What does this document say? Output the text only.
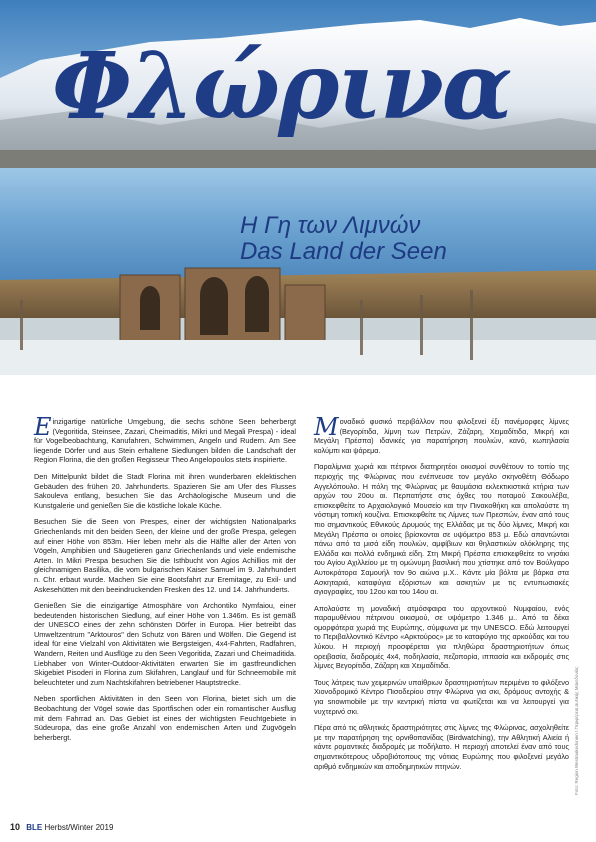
Φλώρινα
Η Γη των Λιμνών
Das Land der Seen

Einzigartige natürliche Umgebung, die sechs schöne Seen beherbergt (Vegoritida, Steinsee, Zazari, Cheimaditis, Mikri und Megali Prespa) - ideal für Vogelbeobachtung, Kanufahren, Schwimmen, Angeln und Rudern. Am See liegende Dörfer und aus Stein erhaltene Siedlungen bilden die Landschaft der Region Florina, die den großen Regisseur Theo Angelopoulos stets inspirierte.

Den Mittelpunkt bildet die Stadt Florina mit ihren wunderbaren eklektischen Gebäuden des frühen 20. Jahrhunderts. Spazieren Sie am Ufer des Flusses Sakouleva entlang, besuchen Sie das Archäologische Museum und die Kunstgalerie und genießen Sie die köstliche lokale Küche.

Besuchen Sie die Seen von Prespes, einer der wichtigsten Nationalparks Griechenlands mit den beiden Seen, der kleine und der große Prespa, gelegen auf einer Höhe von 853m. Hier leben mehr als die Hälfte aller der Arten von Vögeln, Amphibien und Säugetieren ganz Griechenlands und viele endemische Arten. In Mikri Prespa besuchen Sie die Isthbucht von Agios Achillios mit der gleichnamigen Basilika, die vom bulgarischen Kaiser Samuel im 9. Jahrhundert n. Chr. erbaut wurde. Machen Sie eine Bootsfahrt zur Eremitage, zu Exil- und Askesehütten mit den beeindruckenden Fresken des 12. und 14. Jahrhunderts.

Genießen Sie die einzigartige Atmosphäre von Archontiko Nymfaiou, einer bedeutenden historischen Siedlung, auf einer Höhe von 1.346m. Es ist gemäß der UNESCO eines der zehn schönsten Dörfer in Europa. Hier betreibt das Umweltzentrum "Arktouros" den Schutz von Bären und Wölfen. Die Gegend ist ideal für eine Vielzahl von Aktivitäten wie Bergsteigen, 4x4-Fahrten, Radfahren, Wandern, Reiten und Ausflüge zu den Seen Vegoritida, Zazari und Cheimaditida. Liebhaber von Winter-Outdoor-Aktivitäten erwarten Sie im gastfreundlichen Skigebiet Pisoderi in Florina zum Skifahren, Langlauf und für Schneemobile mit beleuchteter und zum Nachtskifahren betriebener Hauptstrecke.

Neben sportlichen Aktivitäten in den Seen von Florina, bietet sich um die Beobachtung der Vögel sowie das Sportfischen oder ein romantischer Ausflug mit dem Fahrrad an. Das Gebiet ist eines der wichtigsten Feuchtgebiete in Südeuropa, das eine große Anzahl von endemischen Arten und Zugvögeln beherbergt.

Μοναδικό φυσικό περιβάλλον που φιλοξενεί έξι πανέμορφες λίμνες (Βεγορίτιδα, λίμνη των Πετρών, Ζάζαρη, Χειμαδίτιδα, Μικρή και Μεγάλη Πρέσπα) ιδανικές για παρατήρηση πουλιών, κανό, κωπηλασία κολύμπι και ψάρεμα.

Παραλίμνια χωριά και πέτρινοι διατηρητέοι οικισμοί συνθέτουν το τοπίο της περιοχής της Φλώρινας που ενέπνευσε τον μεγάλο σκηνοθέτη Θόδωρο Αγγελόπουλο. Η πόλη της Φλώρινας με θαυμάσια εκλεκτικιστικά κτήρια των αρχών του 20ου αι. Περπατήστε στις όχθες του ποταμού Σακουλέβα, επισκεφθείτε το Αρχαιολογικό Μουσείο και την Πινακοθήκη και απολαύστε τη νόστιμη τοπική κουζίνα. Επισκεφθείτε τις Λίμνες των Πρεσπών, έναν από τους πιο σημαντικούς Εθνικούς Δρυμούς της Ελλάδας με τις δύο λίμνες, Μικρή και Μεγάλη Πρέσπα οι οποίες βρίσκονται σε υψόμετρο 853 μ. Εδώ απαντώνται πάνω από τα μισά είδη πουλιών, αμφίβιων και θηλαστικών ολόκληρης της Ελλάδα και πολλά ενδημικά είδη. Στη Μικρή Πρέσπα επισκεφθείτε το νησάκι του Αγίου Αχιλλείου με τη ομώνυμη βασιλική που χτίστηκε από τον Βούλγαρο Αυτοκράτορα Σαμουήλ τον 9ο αιώνα μ.Χ.. Κάντε μία βόλτα με βάρκα στα Ασκηταριά, καταφύγια εξόριστων και ασκητών με τις εντυπωσιακές αγιογραφίες, του 12ου και του 14ου αι.

Απολαύστε τη μοναδική ατμόσφαιρα του αρχοντικού Νυμφαίου, ενός παραμυθένιου πέτρινου οικισμού, σε υψόμετρο 1.346 μ.. Από τα δέκα ομορφότερα χωριά της Ευρώπης, σύμφωνα με την UNESCO. Εδώ λειτουργεί το Περιβαλλοντικό Κέντρο «Αρκτούρος» με το καταφύγιο της αρκούδας και του λύκου. Η περιοχή προσφέρεται για πληθώρα δραστηριοτήτων όπως ορειβασία, διαδρομές 4x4, ποδηλασία, πεζοπορία, ιππασία και εκδρομές στις λίμνες Βεγορίτιδα, Ζάζαρη και Χειμαδίτιδα.

Τους λάτρεις των χειμερινών υπαίθριων δραστηριοτήτων περιμένει το φιλόξενο Χιονοδρομικό Κέντρο Πισοδερίου στην Φλώρινα για σκι, δρόμους αντοχής & για snowmobile με την κεντρική πίστα να φωτίζεται και να λειτουργεί για νυχτερινό σκι.

Πέρα από τις αθλητικές δραστηριότητες στις λίμνες της Φλώρινας, ασχοληθείτε με την παρατήρηση της ορνιθοπανίδας (Birdwatching), την Αθλητική Αλιεία ή κάντε ρομαντικές διαδρομές με ποδήλατο. Η περιοχή αποτελεί έναν από τους σημαντικότερους υδροβιότοπους της νότιας Ευρώπης που φιλοξενεί μεγάλο αριθμό ενδημικών και αποδημητικών πτηνών.

10 BLE Herbst/Winter 2019
Foto: Region Westmakedonien / Περιφέρεια Δυτικής Μακεδονίας
